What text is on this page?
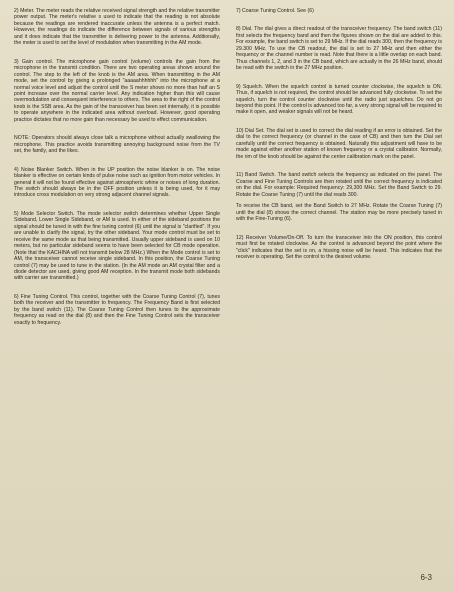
2) Meter. The meter reads the relative received signal strength and the relative transmitter power output. The meter's relative s used to indicate that the reading is not absolute because the readings are rendered inaccurate unless the antenna is a perfect match. However, the readings do indicate the difference between signals of various strengths and it does indicate that the transmitter is delivering power to the antenna. Additionally, the meter is used to set the level of modulation when transmitting in the AM mode.

3) Gain control. The microphone gain control (volume) controls the gain from the microphone in the transmit condition. There are two operating areas shown around the control. The step to the left of the knob is the AM area. When transmitting in the AM mode, set the control by giving a prolonged "aaaaahhhhhh" into the microphone at a normal voice level and adjust the control until the S meter shows no more than half an S point increase over the normal carrier level. Any indication higher than this will cause overmodulation and consequent interference to others. The area to the right of the control knob is the SSB area. As the gain of the transceiver has been set internally, it is possible to operate anywhere in the indicated area without overload. However, good operating practice dictates that no more gain than necessary be used to effect communication.

NOTE: Operators should always close talk a microphone without actually swallowing the microphone. This practice avoids transmitting annoying background noise from the TV set, the family, and the likes.

4) Noise Blanker Switch. When in the UP position the noise blanker is on. The noise blanker is effective on certain kinds of pulse noise such as ignition from motor vehicles. In general it will not be found effective against atmospheric whine or noises of long duration. The switch should always be in the OFF position unless it is being used, for it may introduce cross modulation on very strong adjacent channel signals.

5) Mode Selector Switch. The mode selector switch determines whether Upper Single Sideband, Lower Single Sideband, or AM is used. In either of the sideband positions the signal should be tuned in with the fine tuning control (6) until the signal is "clarified". If you are unable to clarify the signal, try the other sideband. Your mode control must be set to receive the same mode as that being transmitted. Usually upper sideband is used on 10 meters, but no particular sideband seems to have been selected for CB mode operation. (Note that the KACHINA will not transmit below 28 MHz.) When the Mode control is set to AM, the transceiver cannot receive single sideband. In this position, the Coarse Tuning control (7) may be used to tune in the station. (In the AM mode an AM crystal filter and a diode detector are used, giving good AM reception. In the transmit mode both sidebands with carrier are transmitted.)

6) Fine Tuning Control. This control, together with the Coarse Tuning Control (7), tunes both the receiver and the transmitter to frequency. The Frequency Band is first selected by the band switch (11). The Coarse Tuning Control then tunes to the approximate frequency as read on the dial (8) and then the Fine Tuning Control sets the transceiver exactly to frequency.

7) Coarse Tuning Control. See (6)

8) Dial. The dial gives a direct readout of the transceiver frequency. The band switch (11) first selects the frequency band and then the figures shown on the dial are added to this. For example, the band switch is set to 29 MHz. If the dial reads 300, then the frequency is 29.300 MHz. To use the CB readout, the dial is set to 27 MHz and then either the frequency or the channel number is read. Note that there is a little overlap on each band. Thus channels 1, 2, and 3 in the CB band, which are actually in the 26 MHz band, should be read with the switch in the 27 MHz position.

9) Squelch. When the squelch control is turned counter clockwise, the squelch is ON. Thus, if squelch is not required, the control should be advanced fully clockwise. To set the squelch, turn the control counter clockwise until the radio just squelches. Do not go beyond this point. If the control is advanced too far, a very strong signal will be required to make it open, and weaker signals will not be heard.

10) Dial Set. The dial set is used to correct the dial reading if an error is obtained. Set the dial to the correct frequency (or channel in the case of CB) and then turn the Dial set carefully until the correct frequency is obtained. Naturally this adjustment will have to be made against either another station of known frequency or a crystal calibrator. Normally, the rim of the knob should be against the center calibration mark on the panel.

11) Band Switch. The band switch selects the frequency as indicated on the panel. The Coarse and Fine Tuning Controls are then rotated until the correct frequency is indicated on the dial. For example: Required frequency: 29,300 MHz. Set the Band Switch to 29. Rotate the Coarse Tuning (7) until the dial reads 300.

To receive the CB band, set the Band Switch to 27 MHz. Rotate the Coarse Tuning (7) until the dial (8) shows the correct channel. The station may be more precisely tuned in with the Fine-Tuning (6).

12) Receiver Volume/On-Off. To turn the transceiver into the ON position, this control must first be rotated clockwise. As the control is advanced beyond the point where the "click" indicates that the set is on, a hissing noise will be heard. This indicates that the receiver is operating. Set the control to the desired volume.

6-3
